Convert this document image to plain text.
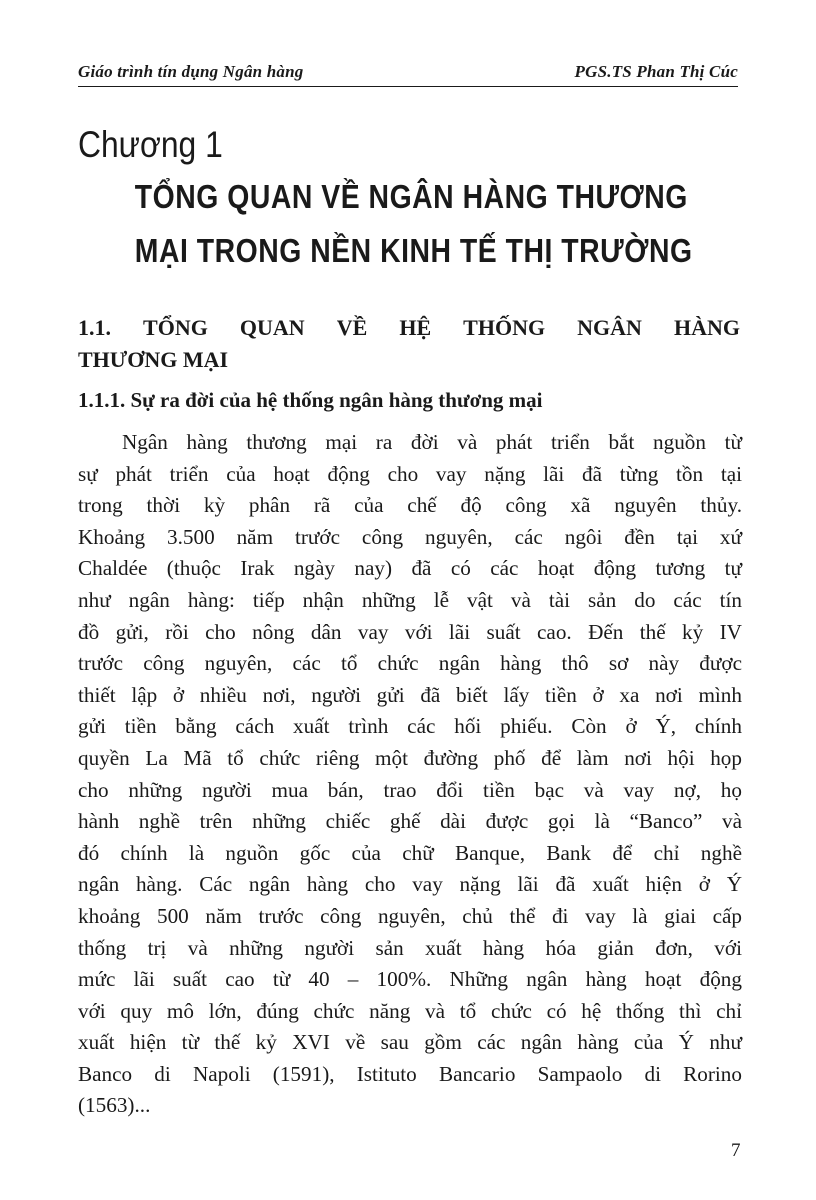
Giáo trình tín dụng Ngân hàng	PGS.TS Phan Thị Cúc
Chương 1
TỔNG QUAN VỀ NGÂN HÀNG THƯƠNG
MẠI TRONG NỀN KINH TẾ THỊ TRƯỜNG
1.1. TỔNG QUAN VỀ HỆ THỐNG NGÂN HÀNG
THƯƠNG MẠI
1.1.1. Sự ra đời của hệ thống ngân hàng thương mại
Ngân hàng thương mại ra đời và phát triển bắt nguồn từ
sự phát triển của hoạt động cho vay nặng lãi đã từng tồn tại
trong thời kỳ phân rã của chế độ công xã nguyên thủy.
Khoảng 3.500 năm trước công nguyên, các ngôi đền tại xứ
Chaldée (thuộc Irak ngày nay) đã có các hoạt động tương tự
như ngân hàng: tiếp nhận những lễ vật và tài sản do các tín
đồ gửi, rồi cho nông dân vay với lãi suất cao. Đến thế kỷ IV
trước công nguyên, các tổ chức ngân hàng thô sơ này được
thiết lập ở nhiều nơi, người gửi đã biết lấy tiền ở xa nơi mình
gửi tiền bằng cách xuất trình các hối phiếu. Còn ở Ý, chính
quyền La Mã tổ chức riêng một đường phố để làm nơi hội họp
cho những người mua bán, trao đổi tiền bạc và vay nợ, họ
hành nghề trên những chiếc ghế dài được gọi là “Banco” và
đó chính là nguồn gốc của chữ Banque, Bank để chỉ nghề
ngân hàng. Các ngân hàng cho vay nặng lãi đã xuất hiện ở Ý
khoảng 500 năm trước công nguyên, chủ thể đi vay là giai cấp
thống trị và những người sản xuất hàng hóa giản đơn, với
mức lãi suất cao từ 40 – 100%. Những ngân hàng hoạt động
với quy mô lớn, đúng chức năng và tổ chức có hệ thống thì chỉ
xuất hiện từ thế kỷ XVI về sau gồm các ngân hàng của Ý như
Banco di Napoli (1591), Istituto Bancario Sampaolo di Rorino
(1563)...
7
